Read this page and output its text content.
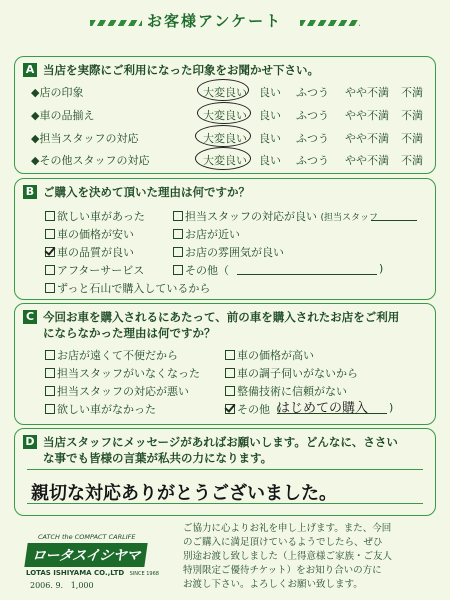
お客様アンケート
A 当店を実際にご利用になった印象をお聞かせ下さい。
◆店の印象	大変良い 良い ふつう やや不満 不満
◆車の品揃え	大変良い 良い ふつう やや不満 不満
◆担当スタッフの対応	大変良い 良い ふつう やや不満 不満
◆その他スタッフの対応	大変良い 良い ふつう やや不満 不満
B ご購入を決めて頂いた理由は何ですか？
欲しい車があった	担当スタッフの対応が良い (担当スタッフ
車の価格が安い	お店が近い
車の品質が良い	お店の雰囲気が良い
アフターサービス	その他（	)
ずっと石山で購入しているから
C 今回お車を購入されるにあたって、前の車を購入されたお店をご利用
にならなかった理由は何ですか？
お店が遠くて不便だから	車の価格が高い
担当スタッフがいなくなった	車の調子伺いがないから
担当スタッフの対応が悪い	整備技術に信頼がない
欲しい車がなかった	その他（
はじめての購入 )
D 当店スタッフにメッセージがあればお願いします。どんなに、ささい
な事でも皆様の言葉が私共の力になります。
親切な対応ありがとうございました。
CATCH the COMPACT CARLIFE
ロータスイシヤマ
LOTAS ISHIYAMA CO.,LTD SINCE 1968
2006. 9.   1,000
ご協力に心よりお礼を申し上げます。また、今回
のご購入に満足頂けているようでしたら、ぜひ
別途お渡し致しました（上得意様ご家族・ご友人
特別限定ご優待チケット）をお知り合いの方に
お渡し下さい。よろしくお願い致します。
